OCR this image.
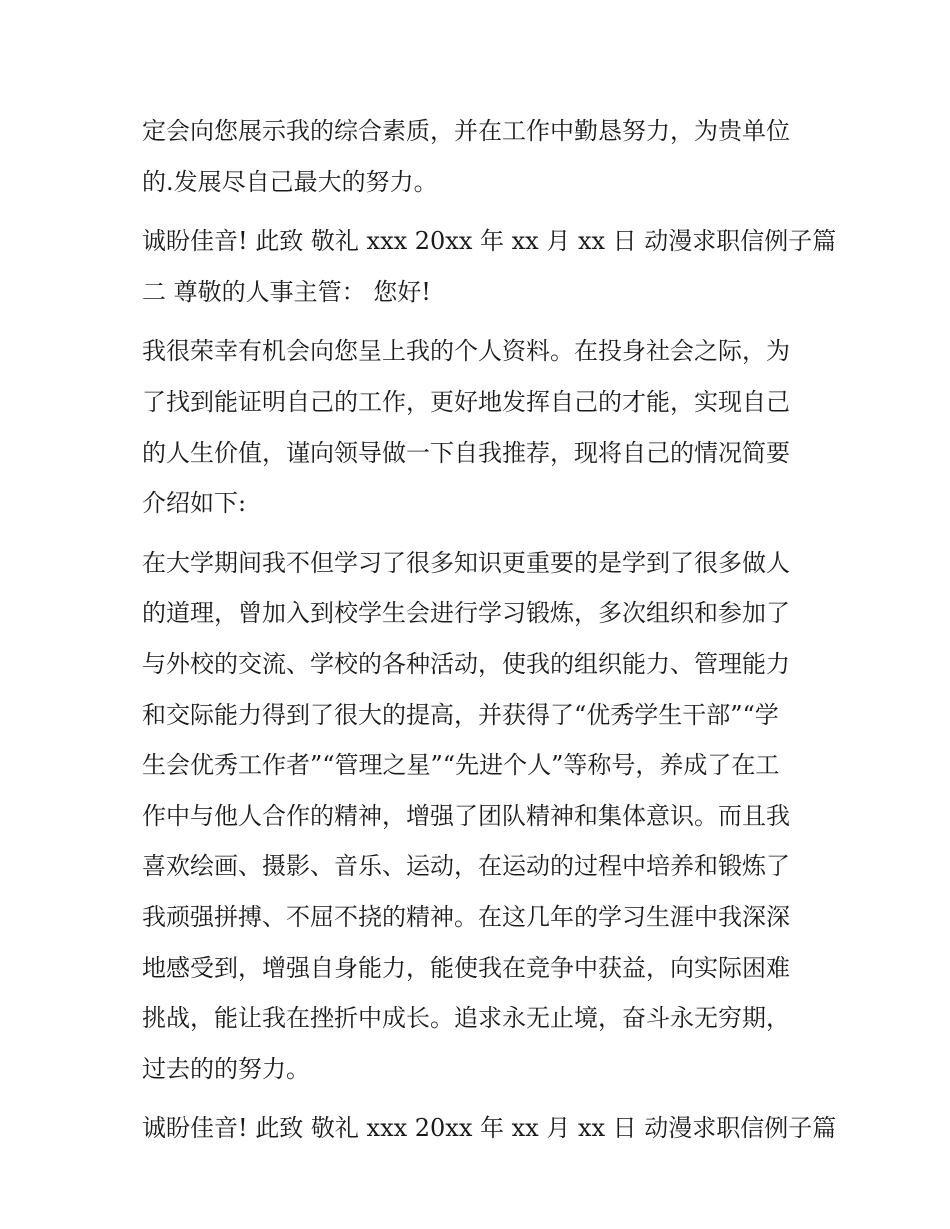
定会向您展示我的综合素质，并在工作中勤恳努力，为贵单位
的.发展尽自己最大的努力。
诚盼佳音! 此致 敬礼 xxx 20xx 年 xx 月 xx 日 动漫求职信例子篇
二 尊敬的人事主管： 您好!
我很荣幸有机会向您呈上我的个人资料。在投身社会之际，为
了找到能证明自己的工作，更好地发挥自己的才能，实现自己
的人生价值，谨向领导做一下自我推荐，现将自己的情况简要
介绍如下:
在大学期间我不但学习了很多知识更重要的是学到了很多做人
的道理，曾加入到校学生会进行学习锻炼，多次组织和参加了
与外校的交流、学校的各种活动，使我的组织能力、管理能力
和交际能力得到了很大的提高，并获得了“优秀学生干部”“学
生会优秀工作者”“管理之星”“先进个人”等称号，养成了在工
作中与他人合作的精神，增强了团队精神和集体意识。而且我
喜欢绘画、摄影、音乐、运动，在运动的过程中培养和锻炼了
我顽强拼搏、不屈不挠的精神。在这几年的学习生涯中我深深
地感受到，增强自身能力，能使我在竞争中获益，向实际困难
挑战，能让我在挫折中成长。追求永无止境，奋斗永无穷期，
过去的的努力。
诚盼佳音! 此致 敬礼 xxx 20xx 年 xx 月 xx 日 动漫求职信例子篇
